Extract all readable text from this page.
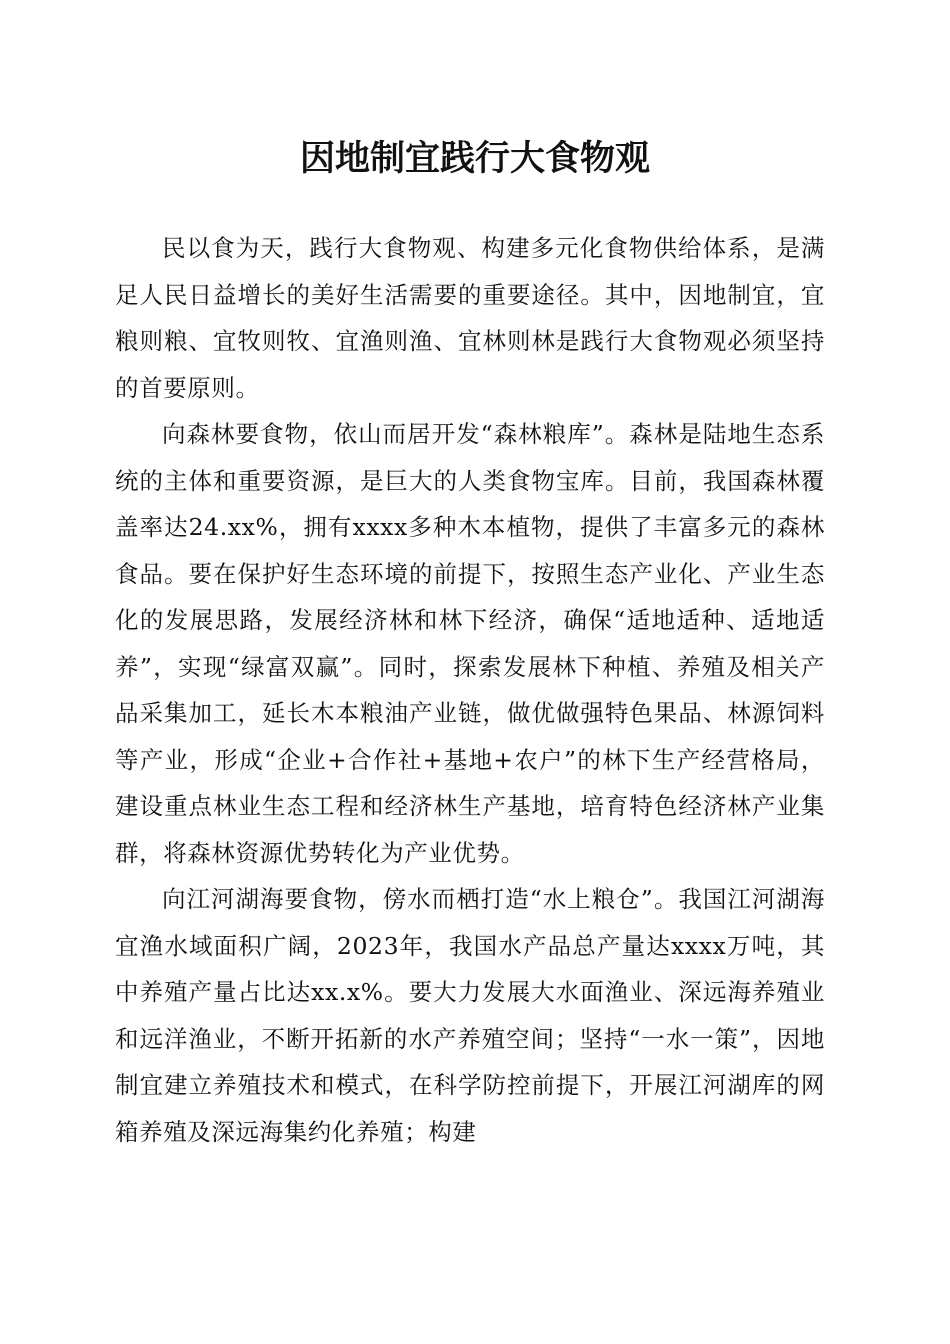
因地制宜践行大食物观

民以食为天，践行大食物观、构建多元化食物供给体系，是满足人民日益增长的美好生活需要的重要途径。其中，因地制宜，宜粮则粮、宜牧则牧、宜渔则渔、宜林则林是践行大食物观必须坚持的首要原则。

向森林要食物，依山而居开发“森林粮库”。森林是陆地生态系统的主体和重要资源，是巨大的人类食物宝库。目前，我国森林覆盖率达24.xx%，拥有xxxx多种木本植物，提供了丰富多元的森林食品。要在保护好生态环境的前提下，按照生态产业化、产业生态化的发展思路，发展经济林和林下经济，确保“适地适种、适地适养”，实现“绿富双赢”。同时，探索发展林下种植、养殖及相关产品采集加工，延长木本粮油产业链，做优做强特色果品、林源饲料等产业，形成“企业+合作社+基地+农户”的林下生产经营格局，建设重点林业生态工程和经济林生产基地，培育特色经济林产业集群，将森林资源优势转化为产业优势。

向江河湖海要食物，傍水而栖打造“水上粮仓”。我国江河湖海宜渔水域面积广阔，2023年，我国水产品总产量达xxxx万吨，其中养殖产量占比达xx.x%。要大力发展大水面渔业、深远海养殖业和远洋渔业，不断开拓新的水产养殖空间；坚持“一水一策”，因地制宜建立养殖技术和模式，在科学防控前提下，开展江河湖库的网箱养殖及深远海集约化养殖；构建
